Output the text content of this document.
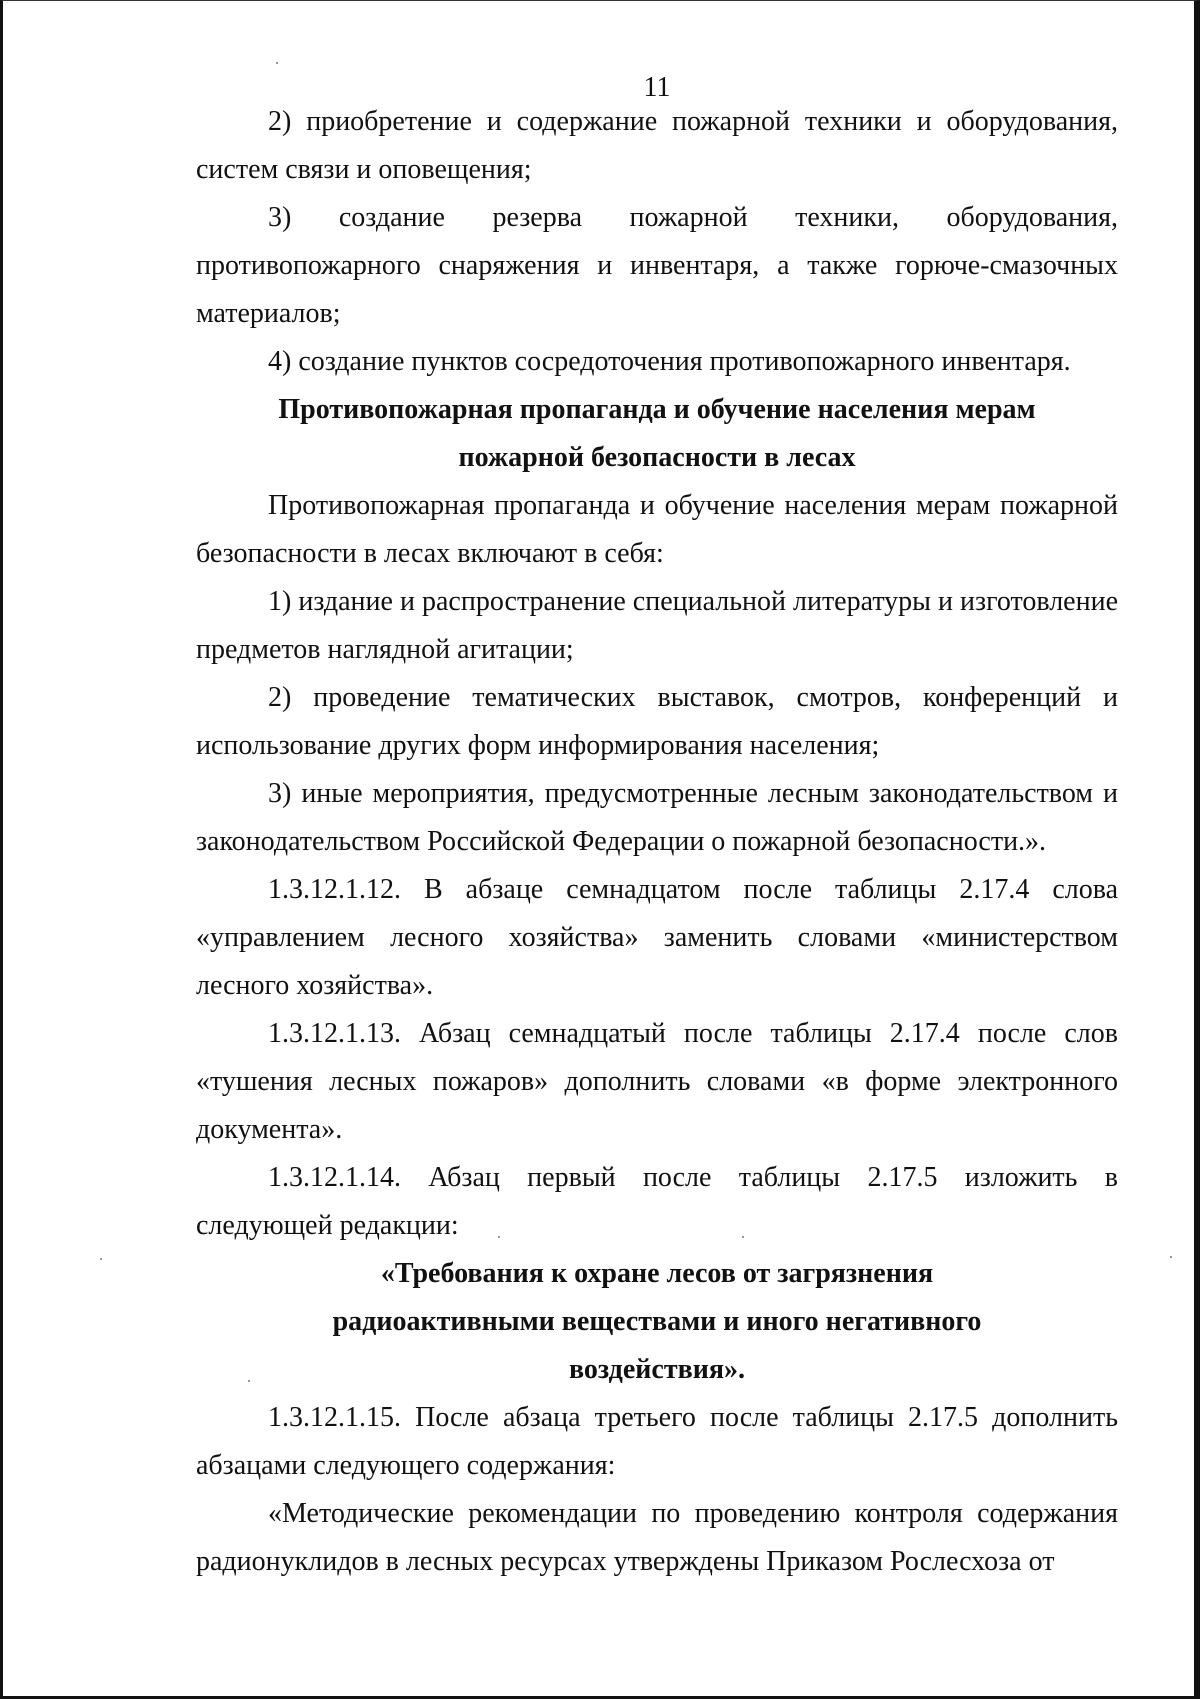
11

2) приобретение и содержание пожарной техники и оборудования, систем связи и оповещения;

3) создание резерва пожарной техники, оборудования, противопожарного снаряжения и инвентаря, а также горюче-смазочных материалов;

4) создание пунктов сосредоточения противопожарного инвентаря.

Противопожарная пропаганда и обучение населения мерам пожарной безопасности в лесах

Противопожарная пропаганда и обучение населения мерам пожарной безопасности в лесах включают в себя:

1) издание и распространение специальной литературы и изготовление предметов наглядной агитации;

2) проведение тематических выставок, смотров, конференций и использование других форм информирования населения;

3) иные мероприятия, предусмотренные лесным законодательством и законодательством Российской Федерации о пожарной безопасности.».

1.3.12.1.12. В абзаце семнадцатом после таблицы 2.17.4 слова «управлением лесного хозяйства» заменить словами «министерством лесного хозяйства».

1.3.12.1.13. Абзац семнадцатый после таблицы 2.17.4 после слов «тушения лесных пожаров» дополнить словами «в форме электронного документа».

1.3.12.1.14. Абзац первый после таблицы 2.17.5 изложить в следующей редакции:

«Требования к охране лесов от загрязнения радиоактивными веществами и иного негативного воздействия».

1.3.12.1.15. После абзаца третьего после таблицы 2.17.5 дополнить абзацами следующего содержания:

«Методические рекомендации по проведению контроля содержания радионуклидов в лесных ресурсах утверждены Приказом Рослесхоза от
